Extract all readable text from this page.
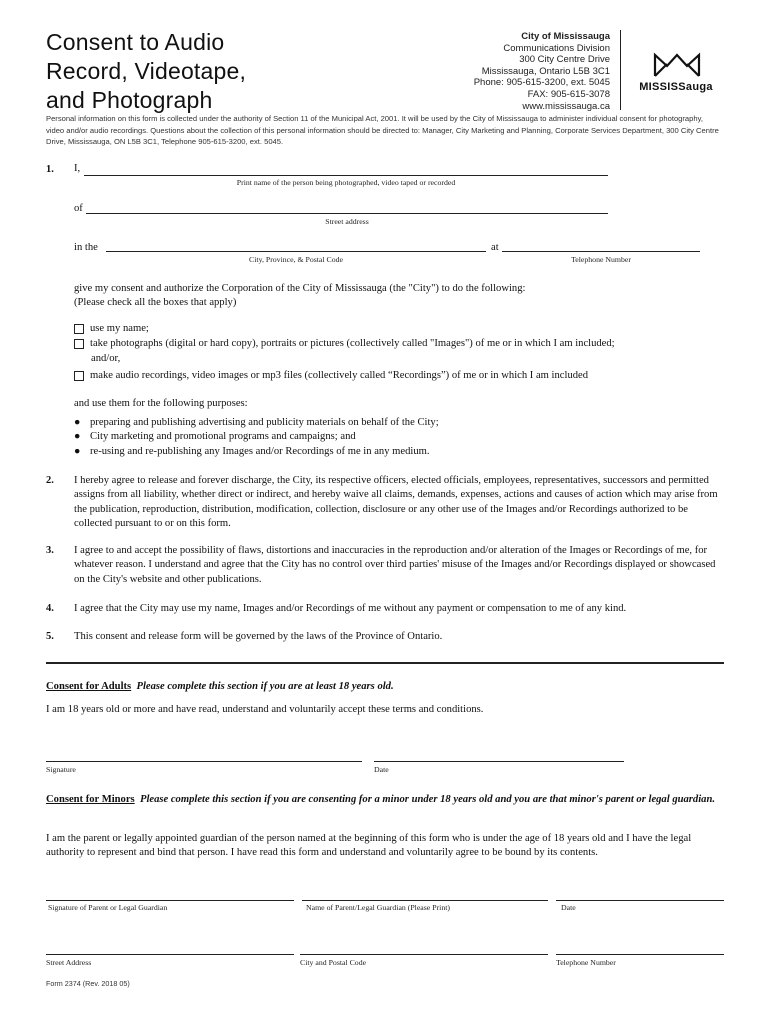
Consent to Audio
Record, Videotape,
and Photograph
City of Mississauga
Communications Division
300 City Centre Drive
Mississauga, Ontario L5B 3C1
Phone: 905-615-3200, ext. 5045
FAX: 905-615-3078
www.mississauga.ca
MISSISSauga
Personal information on this form is collected under the authority of Section 11 of the Municipal Act, 2001. It will be used by the City of Mississauga to administer individual consent for photography, video and/or audio recordings. Questions about the collection of this personal information should be directed to: Manager, City Marketing and Planning, Corporate Services Department, 300 City Centre Drive, Mississauga, ON L5B 3C1, Telephone 905-615-3200, ext. 5045.
1. I,
Print name of the person being photographed, video taped or recorded
of
Street address
in the
City, Province, & Postal Code
at
Telephone Number
give my consent and authorize the Corporation of the City of Mississauga (the "City") to do the following:
(Please check all the boxes that apply)
use my name;
take photographs (digital or hard copy), portraits or pictures (collectively called "Images") of me or in which I am included;
and/or,
make audio recordings, video images or mp3 files (collectively called “Recordings”) of me or in which I am included
and use them for the following purposes:
● preparing and publishing advertising and publicity materials on behalf of the City;
● City marketing and promotional programs and campaigns; and
● re-using and re-publishing any Images and/or Recordings of me in any medium.
2. I hereby agree to release and forever discharge, the City, its respective officers, elected officials, employees, representatives, successors and permitted assigns from all liability, whether direct or indirect, and hereby waive all claims, demands, expenses, actions and causes of action which may arise from the publication, reproduction, distribution, modification, collection, disclosure or any other use of the Images and/or Recordings authorized to be collected pursuant to or on this form.
3. I agree to and accept the possibility of flaws, distortions and inaccuracies in the reproduction and/or alteration of the Images or Recordings of me, for whatever reason. I understand and agree that the City has no control over third parties' misuse of the Images and/or Recordings displayed or showcased on the City's website and other publications.
4. I agree that the City may use my name, Images and/or Recordings of me without any payment or compensation to me of any kind.
5. This consent and release form will be governed by the laws of the Province of Ontario.
Consent for Adults Please complete this section if you are at least 18 years old.
I am 18 years old or more and have read, understand and voluntarily accept these terms and conditions.
Signature	Date
Consent for Minors Please complete this section if you are consenting for a minor under 18 years old and you are that minor's parent or legal guardian.
I am the parent or legally appointed guardian of the person named at the beginning of this form who is under the age of 18 years old and I have the legal authority to represent and bind that person. I have read this form and understand and voluntarily agree to be bound by its contents.
Signature of Parent or Legal Guardian	Name of Parent/Legal Guardian (Please Print)	Date
Street Address	City and Postal Code	Telephone Number
Form 2374 (Rev. 2018 05)
